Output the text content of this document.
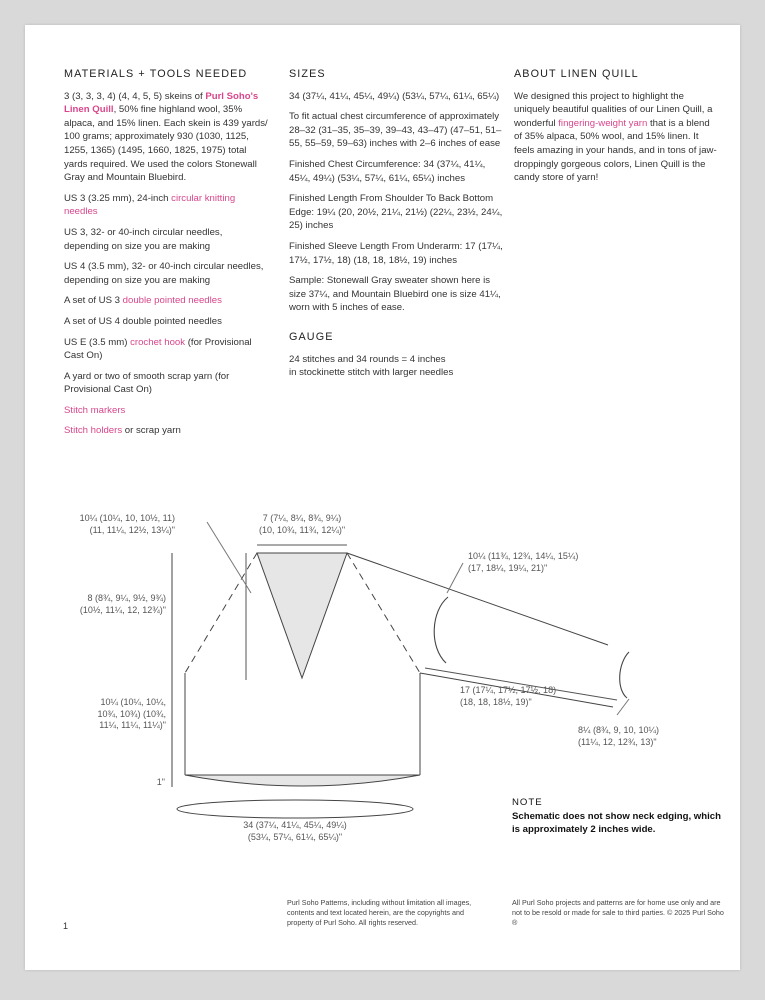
MATERIALS + TOOLS NEEDED

3 (3, 3, 3, 4) (4, 4, 5, 5) skeins of Purl Soho's Linen Quill, 50% fine highland wool, 35% alpaca, and 15% linen. Each skein is 439 yards/ 100 grams; approximately 930 (1030, 1125, 1255, 1365) (1495, 1660, 1825, 1975) total yards required. We used the colors Stonewall Gray and Mountain Bluebird.

US 3 (3.25 mm), 24-inch circular knitting needles

US 3, 32- or 40-inch circular needles, depending on size you are making

US 4 (3.5 mm), 32- or 40-inch circular needles, depending on size you are making

A set of US 3 double pointed needles

A set of US 4 double pointed needles

US E (3.5 mm) crochet hook (for Provisional Cast On)

A yard or two of smooth scrap yarn (for Provisional Cast On)

Stitch markers

Stitch holders or scrap yarn

SIZES

34 (37¼, 41¼, 45¼, 49¼) (53¼, 57¼, 61¼, 65¼)

To fit actual chest circumference of approximately 28–32 (31–35, 35–39, 39–43, 43–47) (47–51, 51–55, 55–59, 59–63) inches with 2–6 inches of ease

Finished Chest Circumference: 34 (37¼, 41¼, 45¼, 49¼) (53¼, 57¼, 61¼, 65¼) inches

Finished Length From Shoulder To Back Bottom Edge: 19¼ (20, 20½, 21¼, 21½) (22¼, 23½, 24¼, 25) inches

Finished Sleeve Length From Underarm: 17 (17¼, 17½, 17½, 18) (18, 18, 18½, 19) inches

Sample: Stonewall Gray sweater shown here is size 37¼, and Mountain Bluebird one is size 41¼, worn with 5 inches of ease.

GAUGE
24 stitches and 34 rounds = 4 inches
in stockinette stitch with larger needles
ABOUT LINEN QUILL

We designed this project to highlight the uniquely beautiful qualities of our Linen Quill, a wonderful fingering-weight yarn that is a blend of 35% alpaca, 50% wool, and 15% linen. It feels amazing in your hands, and in tons of jaw-droppingly gorgeous colors, Linen Quill is the candy store of yarn!

10¼ (10¼, 10, 10½, 11)
(11, 11¼, 12½, 13¼)"
7 (7¼, 8¼, 8¾, 9¼)
(10, 10¾, 11¾, 12¼)"
10¼ (11¾, 12¾, 14¼, 15¼)
(17, 18¼, 19¼, 21)"
8 (8¾, 9¼, 9½, 9¾)
(10½, 11¼, 12, 12¾)"
10¼ (10¼, 10¼,
10¾, 10¾) (10¾,
11¼, 11¼, 11¼)"
17 (17¼, 17½, 17½, 18)
(18, 18, 18½, 19)"
8¼ (8¾, 9, 10, 10¼)
(11¼, 12, 12¾, 13)"
1"
34 (37¼, 41¼, 45¼, 49¼)
(53¼, 57¼, 61¼, 65¼)"
NOTE
Schematic does not show neck edging, which is approximately 2 inches wide.
Purl Soho Patterns, including without limitation all images, contents and text located herein, are the copyrights and property of Purl Soho. All rights reserved.
All Purl Soho projects and patterns are for home use only and are not to be resold or made for sale to third parties. © 2025 Purl Soho ®
1
